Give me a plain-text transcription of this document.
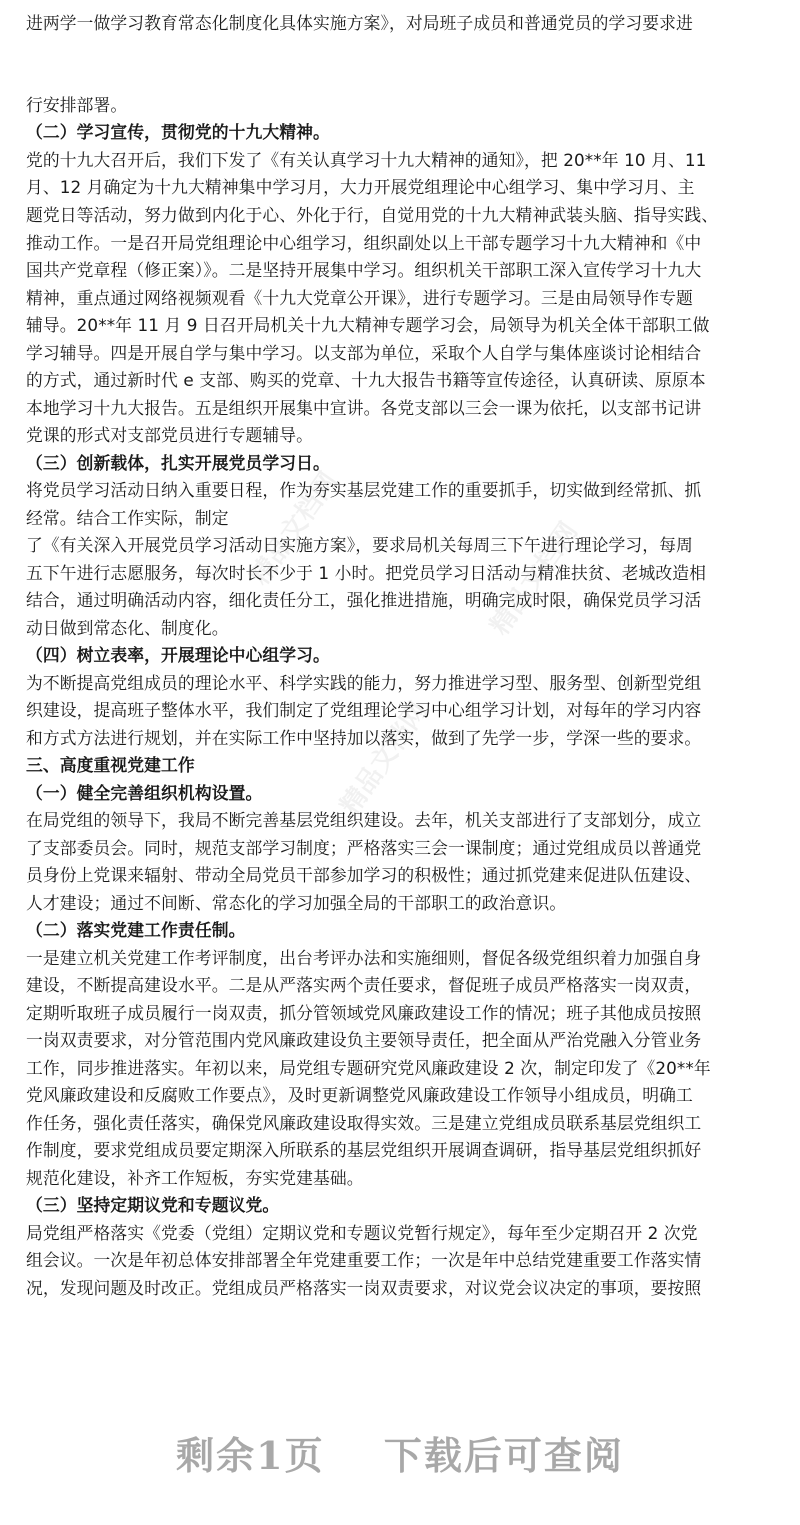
精品文档网	精品文档网
精品文档网
进两学一做学习教育常态化制度化具体实施方案》，对局班子成员和普通党员的学习要求进
行安排部署。
（二）学习宣传，贯彻党的十九大精神。
党的十九大召开后，我们下发了《有关认真学习十九大精神的通知》，把 20**年 10 月、11
月、12 月确定为十九大精神集中学习月，大力开展党组理论中心组学习、集中学习月、主
题党日等活动，努力做到内化于心、外化于行，自觉用党的十九大精神武装头脑、指导实践、
推动工作。一是召开局党组理论中心组学习，组织副处以上干部专题学习十九大精神和《中
国共产党章程（修正案）》。二是坚持开展集中学习。组织机关干部职工深入宣传学习十九大
精神，重点通过网络视频观看《十九大党章公开课》，进行专题学习。三是由局领导作专题
辅导。20**年 11 月 9 日召开局机关十九大精神专题学习会，局领导为机关全体干部职工做
学习辅导。四是开展自学与集中学习。以支部为单位，采取个人自学与集体座谈讨论相结合
的方式，通过新时代 e 支部、购买的党章、十九大报告书籍等宣传途径，认真研读、原原本
本地学习十九大报告。五是组织开展集中宣讲。各党支部以三会一课为依托，以支部书记讲
党课的形式对支部党员进行专题辅导。
（三）创新载体，扎实开展党员学习日。
将党员学习活动日纳入重要日程，作为夯实基层党建工作的重要抓手，切实做到经常抓、抓
经常。结合工作实际，制定
了《有关深入开展党员学习活动日实施方案》，要求局机关每周三下午进行理论学习，每周
五下午进行志愿服务，每次时长不少于 1 小时。把党员学习日活动与精准扶贫、老城改造相
结合，通过明确活动内容，细化责任分工，强化推进措施，明确完成时限，确保党员学习活
动日做到常态化、制度化。
（四）树立表率，开展理论中心组学习。
为不断提高党组成员的理论水平、科学实践的能力，努力推进学习型、服务型、创新型党组
织建设，提高班子整体水平，我们制定了党组理论学习中心组学习计划，对每年的学习内容
和方式方法进行规划，并在实际工作中坚持加以落实，做到了先学一步，学深一些的要求。
三、高度重视党建工作
（一）健全完善组织机构设置。
在局党组的领导下，我局不断完善基层党组织建设。去年，机关支部进行了支部划分，成立
了支部委员会。同时，规范支部学习制度；严格落实三会一课制度；通过党组成员以普通党
员身份上党课来辐射、带动全局党员干部参加学习的积极性；通过抓党建来促进队伍建设、
人才建设；通过不间断、常态化的学习加强全局的干部职工的政治意识。
（二）落实党建工作责任制。
一是建立机关党建工作考评制度，出台考评办法和实施细则，督促各级党组织着力加强自身
建设，不断提高建设水平。二是从严落实两个责任要求，督促班子成员严格落实一岗双责，
定期听取班子成员履行一岗双责，抓分管领域党风廉政建设工作的情况；班子其他成员按照
一岗双责要求，对分管范围内党风廉政建设负主要领导责任，把全面从严治党融入分管业务
工作，同步推进落实。年初以来，局党组专题研究党风廉政建设 2 次，制定印发了《20**年
党风廉政建设和反腐败工作要点》，及时更新调整党风廉政建设工作领导小组成员，明确工
作任务，强化责任落实，确保党风廉政建设取得实效。三是建立党组成员联系基层党组织工
作制度，要求党组成员要定期深入所联系的基层党组织开展调查调研，指导基层党组织抓好
规范化建设，补齐工作短板，夯实党建基础。
（三）坚持定期议党和专题议党。
局党组严格落实《党委（党组）定期议党和专题议党暂行规定》，每年至少定期召开 2 次党
组会议。一次是年初总体安排部署全年党建重要工作；一次是年中总结党建重要工作落实情
况，发现问题及时改正。党组成员严格落实一岗双责要求，对议党会议决定的事项，要按照
剩余1页 下载后可查阅
